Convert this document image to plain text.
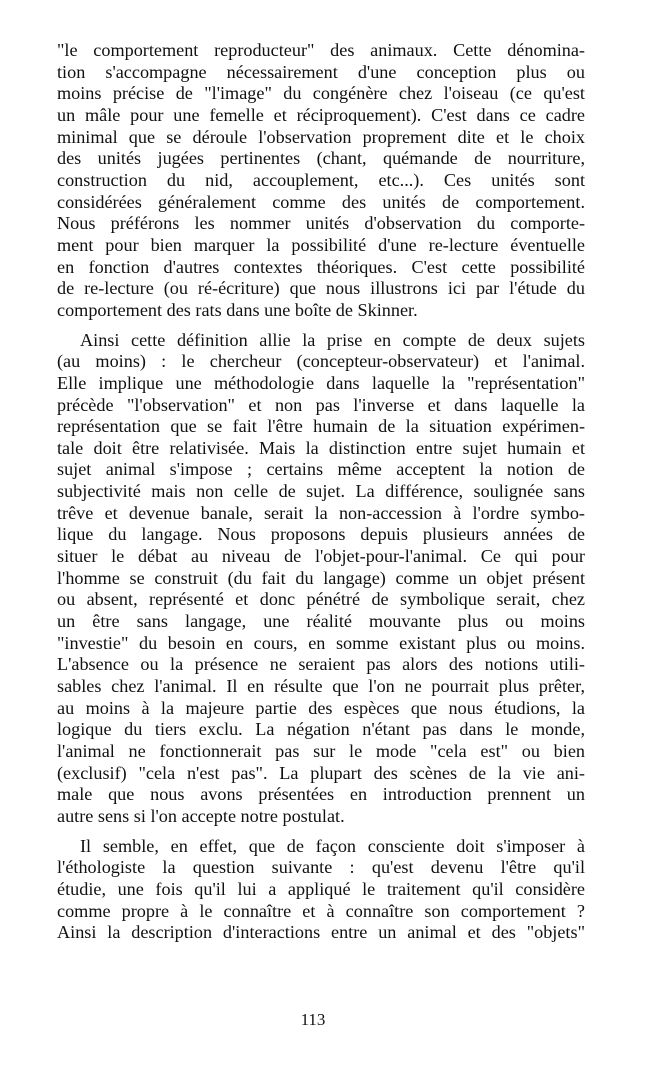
"le comportement reproducteur" des animaux. Cette dénomina-
tion s'accompagne nécessairement d'une conception plus ou
moins précise de "l'image" du congénère chez l'oiseau (ce qu'est
un mâle pour une femelle et réciproquement). C'est dans ce cadre
minimal que se déroule l'observation proprement dite et le choix
des unités jugées pertinentes (chant, quémande de nourriture,
construction du nid, accouplement, etc...). Ces unités sont
considérées généralement comme des unités de comportement.
Nous préférons les nommer unités d'observation du comporte-
ment pour bien marquer la possibilité d'une re-lecture éventuelle
en fonction d'autres contextes théoriques. C'est cette possibilité
de re-lecture (ou ré-écriture) que nous illustrons ici par l'étude du
comportement des rats dans une boîte de Skinner.
Ainsi cette définition allie la prise en compte de deux sujets
(au moins) : le chercheur (concepteur-observateur) et l'animal.
Elle implique une méthodologie dans laquelle la "représentation"
précède "l'observation" et non pas l'inverse et dans laquelle la
représentation que se fait l'être humain de la situation expérimen-
tale doit être relativisée. Mais la distinction entre sujet humain et
sujet animal s'impose ; certains même acceptent la notion de
subjectivité mais non celle de sujet. La différence, soulignée sans
trêve et devenue banale, serait la non-accession à l'ordre symbo-
lique du langage. Nous proposons depuis plusieurs années de
situer le débat au niveau de l'objet-pour-l'animal. Ce qui pour
l'homme se construit (du fait du langage) comme un objet présent
ou absent, représenté et donc pénétré de symbolique serait, chez
un être sans langage, une réalité mouvante plus ou moins
"investie" du besoin en cours, en somme existant plus ou moins.
L'absence ou la présence ne seraient pas alors des notions utili-
sables chez l'animal. Il en résulte que l'on ne pourrait plus prêter,
au moins à la majeure partie des espèces que nous étudions, la
logique du tiers exclu. La négation n'étant pas dans le monde,
l'animal ne fonctionnerait pas sur le mode "cela est" ou bien
(exclusif) "cela n'est pas". La plupart des scènes de la vie ani-
male que nous avons présentées en introduction prennent un
autre sens si l'on accepte notre postulat.
Il semble, en effet, que de façon consciente doit s'imposer à
l'éthologiste la question suivante : qu'est devenu l'être qu'il
étudie, une fois qu'il lui a appliqué le traitement qu'il considère
comme propre à le connaître et à connaître son comportement ?
Ainsi la description d'interactions entre un animal et des "objets"
113
